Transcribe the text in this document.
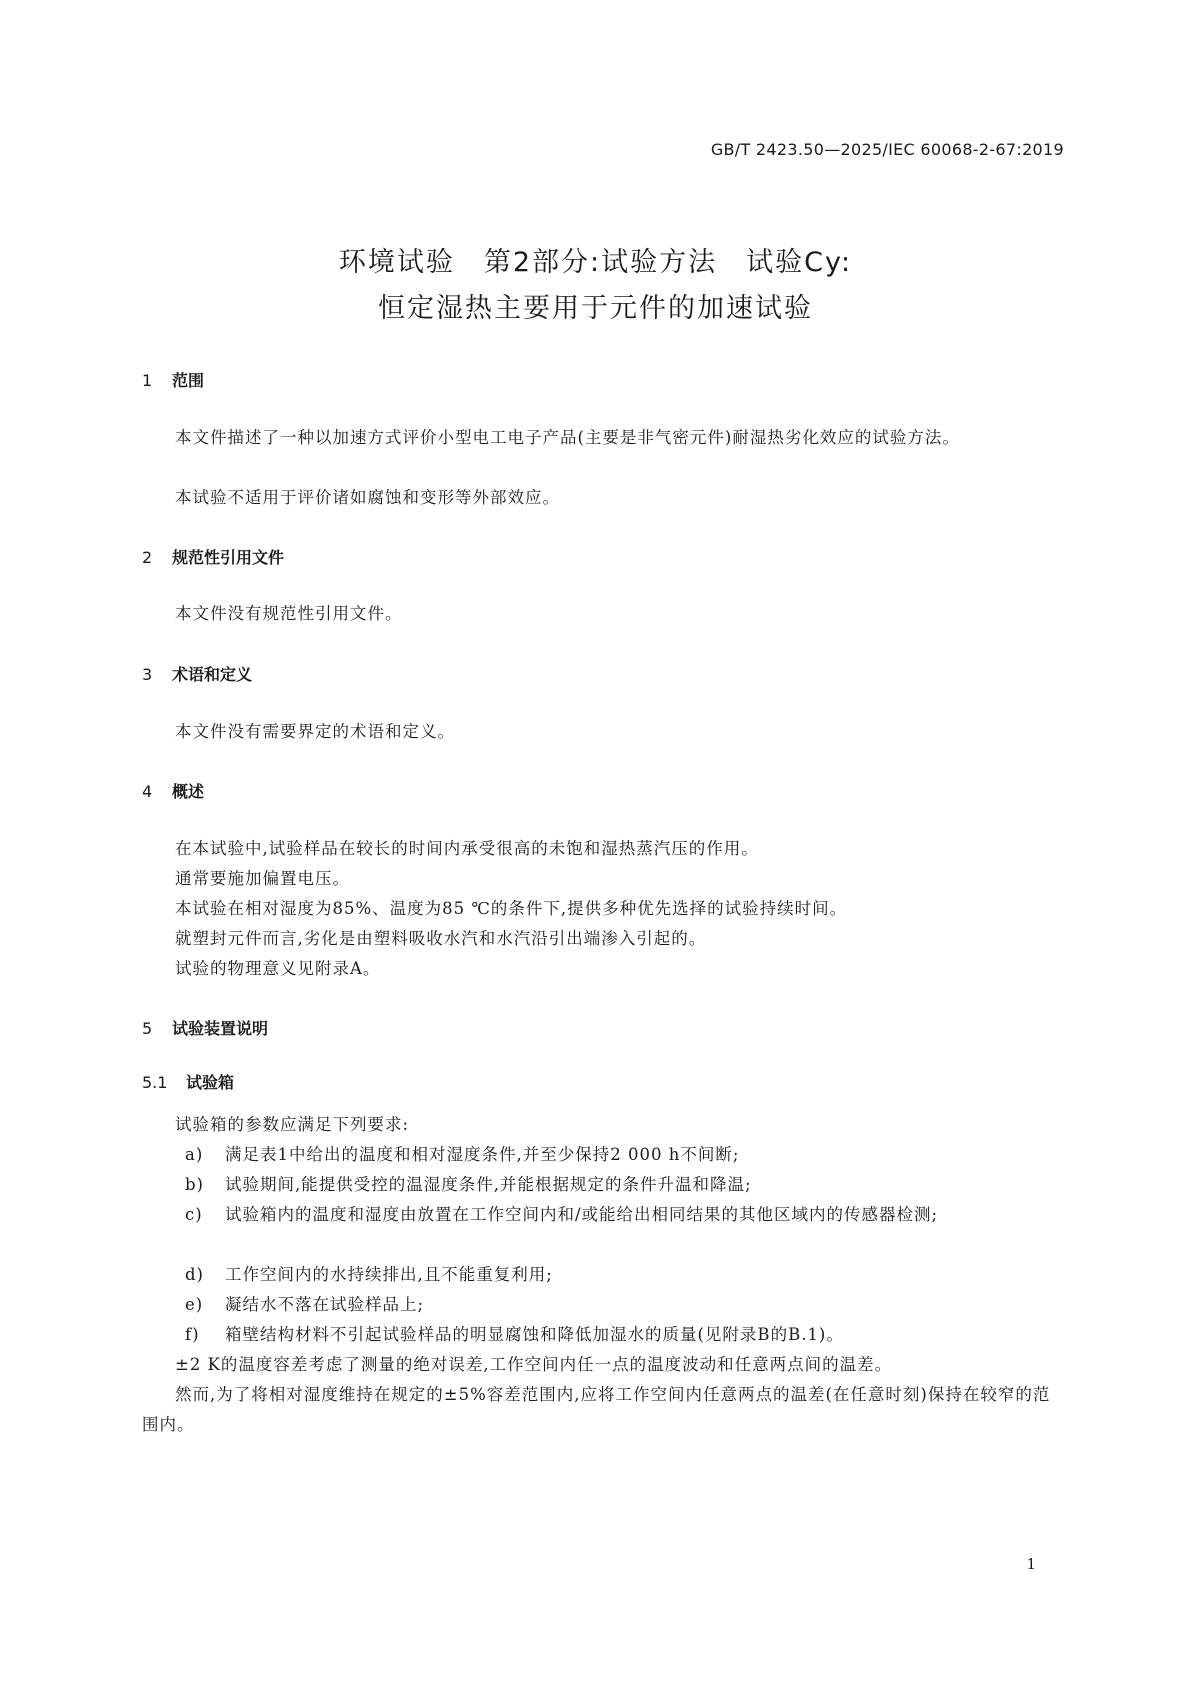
GB/T 2423.50—2025/IEC 60068-2-67:2019
环境试验　第2部分:试验方法　试验Cy:
恒定湿热主要用于元件的加速试验
1 范围
本文件描述了一种以加速方式评价小型电工电子产品(主要是非气密元件)耐湿热劣化效应的试验方法。
本试验不适用于评价诸如腐蚀和变形等外部效应。
2 规范性引用文件
本文件没有规范性引用文件。
3 术语和定义
本文件没有需要界定的术语和定义。
4 概述
在本试验中,试验样品在较长的时间内承受很高的未饱和湿热蒸汽压的作用。
通常要施加偏置电压。
本试验在相对湿度为85%、温度为85 ℃的条件下,提供多种优先选择的试验持续时间。
就塑封元件而言,劣化是由塑料吸收水汽和水汽沿引出端渗入引起的。
试验的物理意义见附录A。
5 试验装置说明
5.1 试验箱
试验箱的参数应满足下列要求:
a)	满足表1中给出的温度和相对湿度条件,并至少保持2 000 h不间断;
b)	试验期间,能提供受控的温湿度条件,并能根据规定的条件升温和降温;
c)	试验箱内的温度和湿度由放置在工作空间内和/或能给出相同结果的其他区域内的传感器检测;
d)	工作空间内的水持续排出,且不能重复利用;
e)	凝结水不落在试验样品上;
f)	箱壁结构材料不引起试验样品的明显腐蚀和降低加湿水的质量(见附录B的B.1)。
±2 K的温度容差考虑了测量的绝对误差,工作空间内任一点的温度波动和任意两点间的温差。
然而,为了将相对湿度维持在规定的±5%容差范围内,应将工作空间内任意两点的温差(在任意时刻)保持在较窄的范围内。
1
